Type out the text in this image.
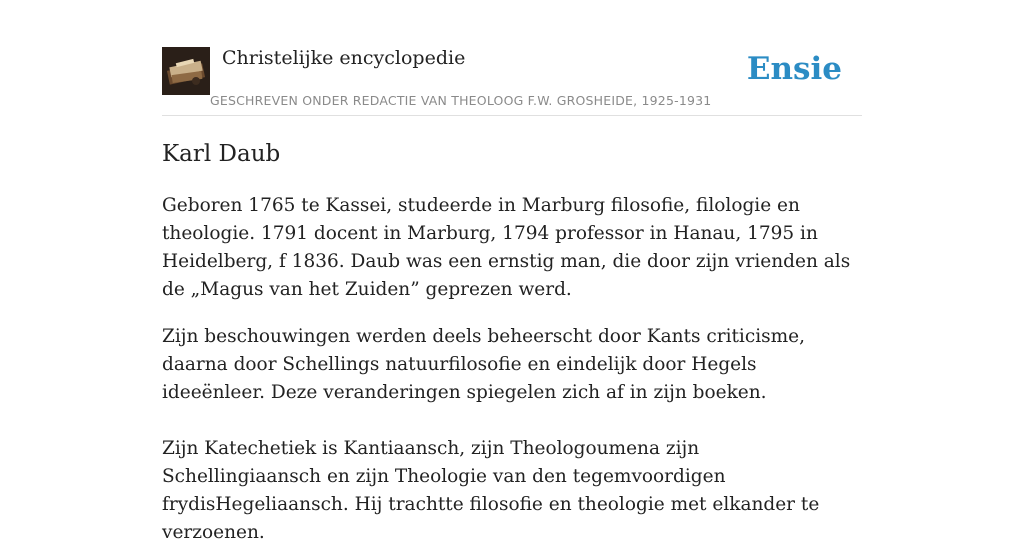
Christelijke encyclopedie
GESCHREVEN ONDER REDACTIE VAN THEOLOOG F.W. GROSHEIDE, 1925-1931
Ensie
Karl Daub

Geboren 1765 te Kassei, studeerde in Marburg filosofie, filologie en theologie. 1791 docent in Marburg, 1794 professor in Hanau, 1795 in Heidelberg, f 1836. Daub was een ernstig man, die door zijn vrienden als de „Magus van het Zuiden” geprezen werd.

Zijn beschouwingen werden deels beheerscht door Kants criticisme, daarna door Schellings natuurfilosofie en eindelijk door Hegels ideeënleer. Deze veranderingen spiegelen zich af in zijn boeken.

Zijn Katechetiek is Kantiaansch, zijn Theologoumena zijn Schellingiaansch en zijn Theologie van den tegemvoordigen frydisHegeliaansch. Hij trachtte filosofie en theologie met elkander te verzoenen.
